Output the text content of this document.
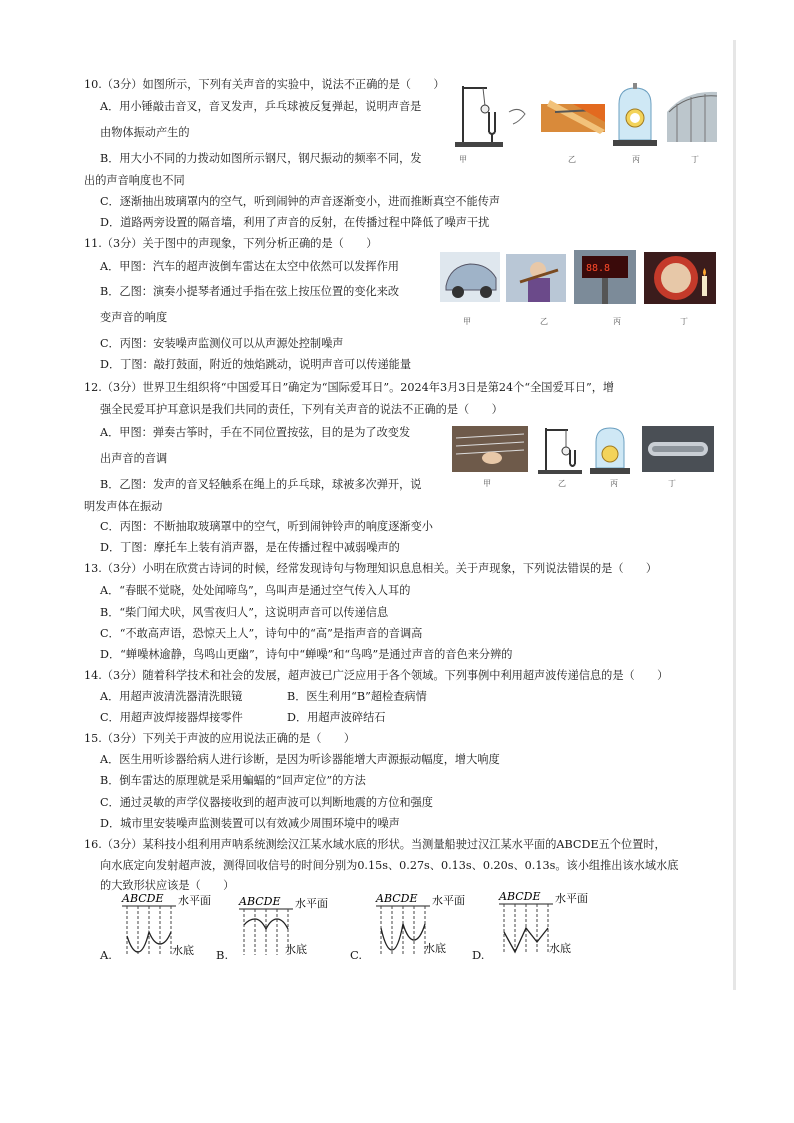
10.（3分）如图所示，下列有关声音的实验中，说法不正确的是（　　）
A．用小锤敲击音叉，音叉发声，乒乓球被反复弹起，说明声音是
由物体振动产生的
B．用大小不同的力拨动如图所示钢尺，钢尺振动的频率不同，发
出的声音响度也不同
C．逐渐抽出玻璃罩内的空气，听到闹钟的声音逐渐变小，进而推断真空不能传声
D．道路两旁设置的隔音墙，利用了声音的反射，在传播过程中降低了噪声干扰
甲	乙	丙	丁
11.（3分）关于图中的声现象，下列分析正确的是（　　）
A．甲图：汽车的超声波倒车雷达在太空中依然可以发挥作用
B．乙图：演奏小提琴者通过手指在弦上按压位置的变化来改
变声音的响度
C．丙图：安装噪声监测仪可以从声源处控制噪声
D．丁图：敲打鼓面，附近的烛焰跳动，说明声音可以传递能量
88.8
甲	乙	丙	丁
12.（3分）世界卫生组织将“中国爱耳日”确定为“国际爱耳日”。2024年3月3日是第24个“全国爱耳日”，增
强全民爱耳护耳意识是我们共同的责任，下列有关声音的说法不正确的是（　　）
A．甲图：弹奏古筝时，手在不同位置按弦，目的是为了改变发
出声音的音调
B．乙图：发声的音叉轻触系在绳上的乒乓球，球被多次弹开，说
明发声体在振动
C．丙图：不断抽取玻璃罩中的空气，听到闹钟铃声的响度逐渐变小
D．丁图：摩托车上装有消声器，是在传播过程中减弱噪声的
甲	乙	丙	丁
13.（3分）小明在欣赏古诗词的时候，经常发现诗句与物理知识息息相关。关于声现象，下列说法错误的是（　　）
A．“春眠不觉晓，处处闻啼鸟”，鸟叫声是通过空气传入人耳的
B．“柴门闻犬吠，风雪夜归人”，这说明声音可以传递信息
C．“不敢高声语，恐惊天上人”，诗句中的“高”是指声音的音调高
D．“蝉噪林逾静，鸟鸣山更幽”，诗句中“蝉噪”和“鸟鸣”是通过声音的音色来分辨的
14.（3分）随着科学技术和社会的发展，超声波已广泛应用于各个领域。下列事例中利用超声波传递信息的是（　　）
A．用超声波清洗器清洗眼镜	B．医生利用“B”超检查病情
C．用超声波焊接器焊接零件	D．用超声波碎结石
15.（3分）下列关于声波的应用说法正确的是（　　）
A．医生用听诊器给病人进行诊断，是因为听诊器能增大声源振动幅度，增大响度
B．倒车雷达的原理就是采用蝙蝠的“回声定位”的方法
C．通过灵敏的声学仪器接收到的超声波可以判断地震的方位和强度
D．城市里安装噪声监测装置可以有效减少周围环境中的噪声
16.（3分）某科技小组利用声呐系统测绘汉江某水域水底的形状。当测量船驶过汉江某水平面的ABCDE五个位置时，
向水底定向发射超声波，测得回收信号的时间分别为0.15s、0.27s、0.13s、0.20s、0.13s。该小组推出该水域水底
的大致形状应该是（　　）
ABCDE 水平面
水底
A.
ABCDE 水平面
水底
B.
ABCDE 水平面
水底
C.
ABCDE 水平面
水底
D.
